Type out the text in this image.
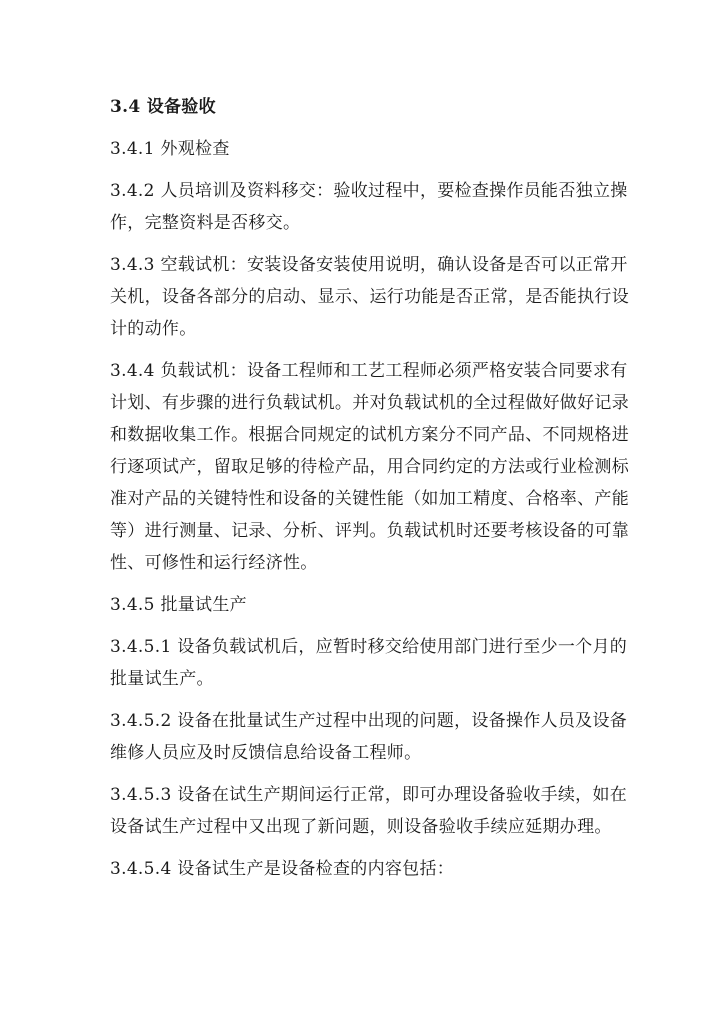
3.4 设备验收

3.4.1 外观检查

3.4.2 人员培训及资料移交：验收过程中，要检查操作员能否独立操

作，完整资料是否移交。

3.4.3 空载试机：安装设备安装使用说明，确认设备是否可以正常开

关机，设备各部分的启动、显示、运行功能是否正常，是否能执行设

计的动作。

3.4.4 负载试机：设备工程师和工艺工程师必须严格安装合同要求有

计划、有步骤的进行负载试机。并对负载试机的全过程做好做好记录

和数据收集工作。根据合同规定的试机方案分不同产品、不同规格进

行逐项试产，留取足够的待检产品，用合同约定的方法或行业检测标

准对产品的关键特性和设备的关键性能（如加工精度、合格率、产能

等）进行测量、记录、分析、评判。负载试机时还要考核设备的可靠

性、可修性和运行经济性。

3.4.5 批量试生产

3.4.5.1 设备负载试机后，应暂时移交给使用部门进行至少一个月的

批量试生产。

3.4.5.2 设备在批量试生产过程中出现的问题，设备操作人员及设备

维修人员应及时反馈信息给设备工程师。

3.4.5.3 设备在试生产期间运行正常，即可办理设备验收手续，如在

设备试生产过程中又出现了新问题，则设备验收手续应延期办理。

3.4.5.4 设备试生产是设备检查的内容包括：
